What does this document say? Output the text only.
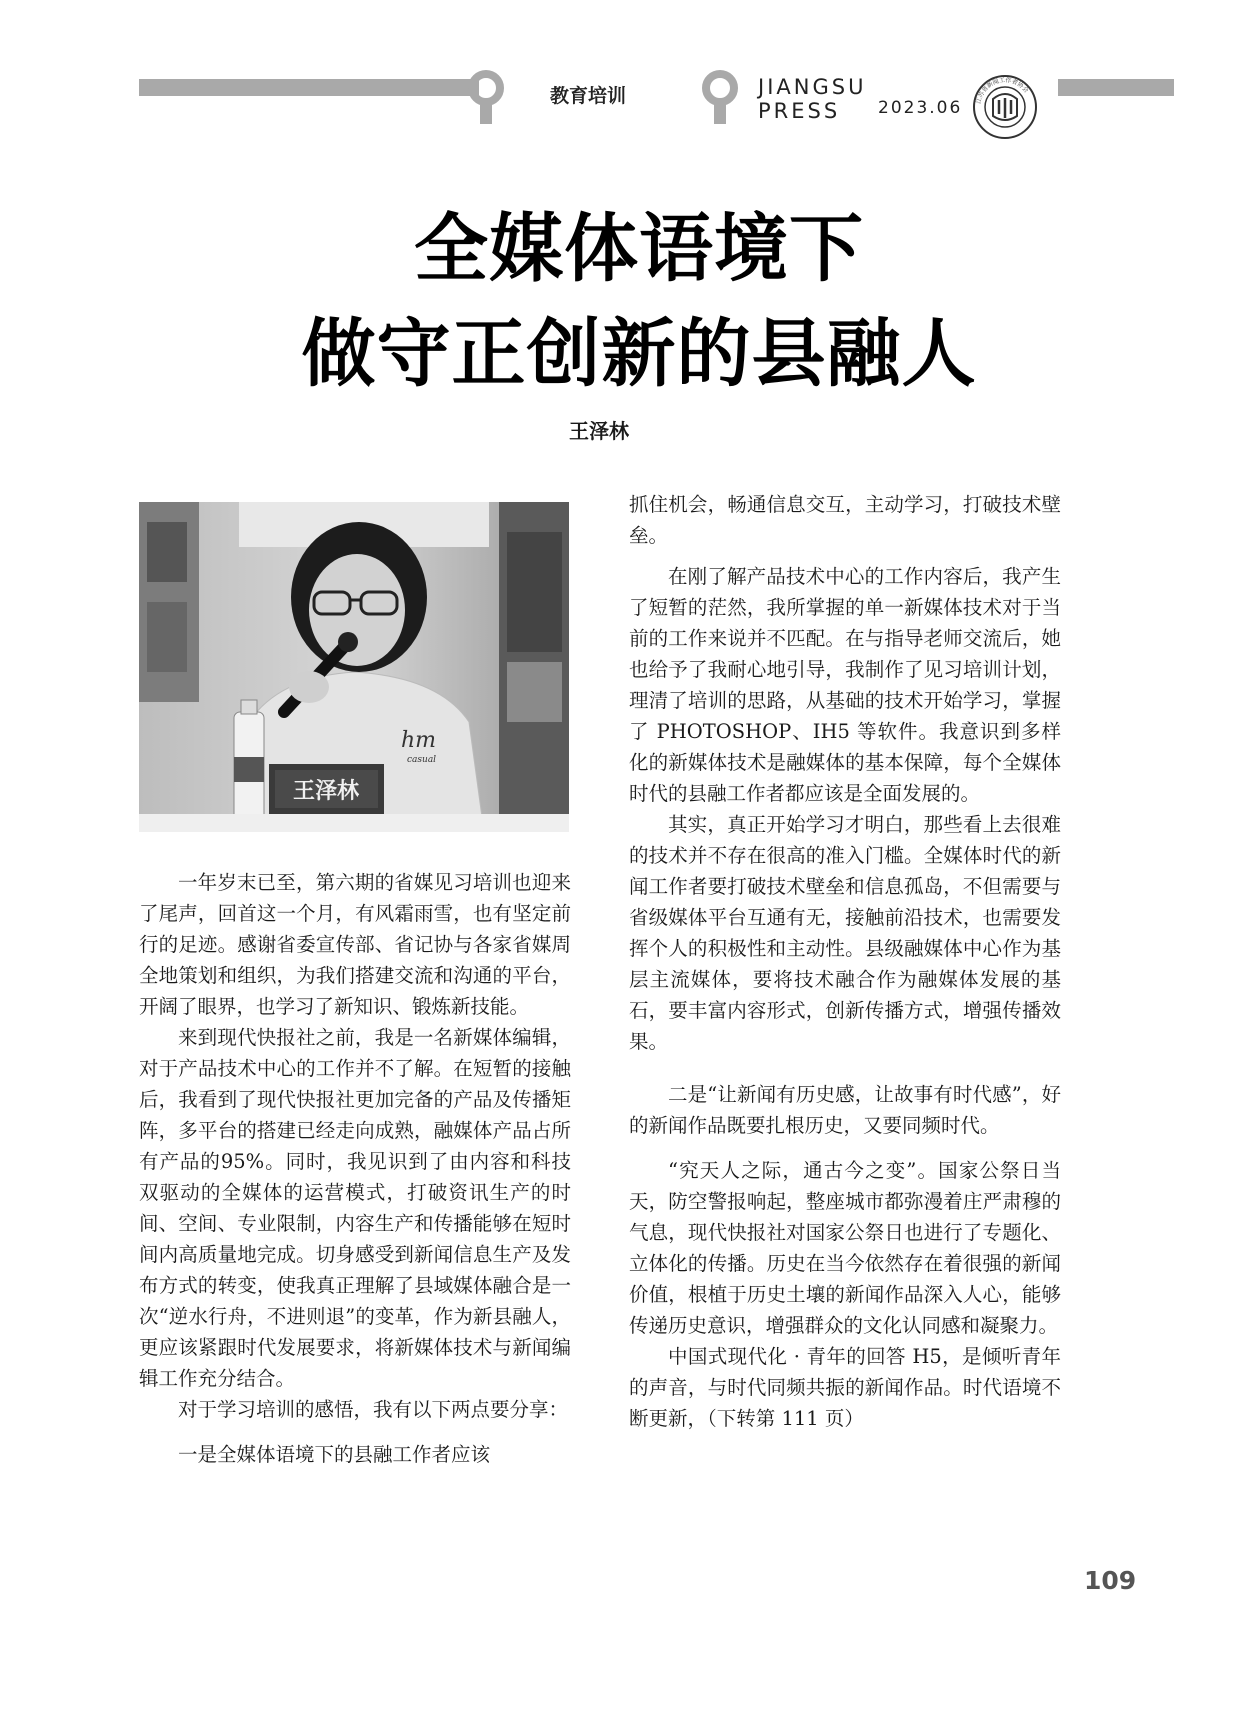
教育培训	JIANGSU PRESS	2023.06	江苏省新闻工作者协会
全媒体语境下
做守正创新的县融人
王泽林
hm
casual
王泽林

一年岁末已至，第六期的省媒见习培训也迎来了尾声，回首这一个月，有风霜雨雪，也有坚定前行的足迹。感谢省委宣传部、省记协与各家省媒周全地策划和组织，为我们搭建交流和沟通的平台，开阔了眼界，也学习了新知识、锻炼新技能。

来到现代快报社之前，我是一名新媒体编辑，对于产品技术中心的工作并不了解。在短暂的接触后，我看到了现代快报社更加完备的产品及传播矩阵，多平台的搭建已经走向成熟，融媒体产品占所有产品的95%。同时，我见识到了由内容和科技双驱动的全媒体的运营模式，打破资讯生产的时间、空间、专业限制，内容生产和传播能够在短时间内高质量地完成。切身感受到新闻信息生产及发布方式的转变，使我真正理解了县域媒体融合是一次“逆水行舟，不进则退”的变革，作为新县融人，更应该紧跟时代发展要求，将新媒体技术与新闻编辑工作充分结合。

对于学习培训的感悟，我有以下两点要分享：

一是全媒体语境下的县融工作者应该

抓住机会，畅通信息交互，主动学习，打破技术壁垒。

在刚了解产品技术中心的工作内容后，我产生了短暂的茫然，我所掌握的单一新媒体技术对于当前的工作来说并不匹配。在与指导老师交流后，她也给予了我耐心地引导，我制作了见习培训计划，理清了培训的思路，从基础的技术开始学习，掌握了 PHOTOSHOP、IH5 等软件。我意识到多样化的新媒体技术是融媒体的基本保障，每个全媒体时代的县融工作者都应该是全面发展的。

其实，真正开始学习才明白，那些看上去很难的技术并不存在很高的准入门槛。全媒体时代的新闻工作者要打破技术壁垒和信息孤岛，不但需要与省级媒体平台互通有无，接触前沿技术，也需要发挥个人的积极性和主动性。县级融媒体中心作为基层主流媒体，要将技术融合作为融媒体发展的基石，要丰富内容形式，创新传播方式，增强传播效果。

二是“让新闻有历史感，让故事有时代感”，好的新闻作品既要扎根历史，又要同频时代。

“究天人之际，通古今之变”。国家公祭日当天，防空警报响起，整座城市都弥漫着庄严肃穆的气息，现代快报社对国家公祭日也进行了专题化、立体化的传播。历史在当今依然存在着很强的新闻价值，根植于历史土壤的新闻作品深入人心，能够传递历史意识，增强群众的文化认同感和凝聚力。

中国式现代化 · 青年的回答 H5，是倾听青年的声音，与时代同频共振的新闻作品。时代语境不断更新，（下转第 111 页）

109
